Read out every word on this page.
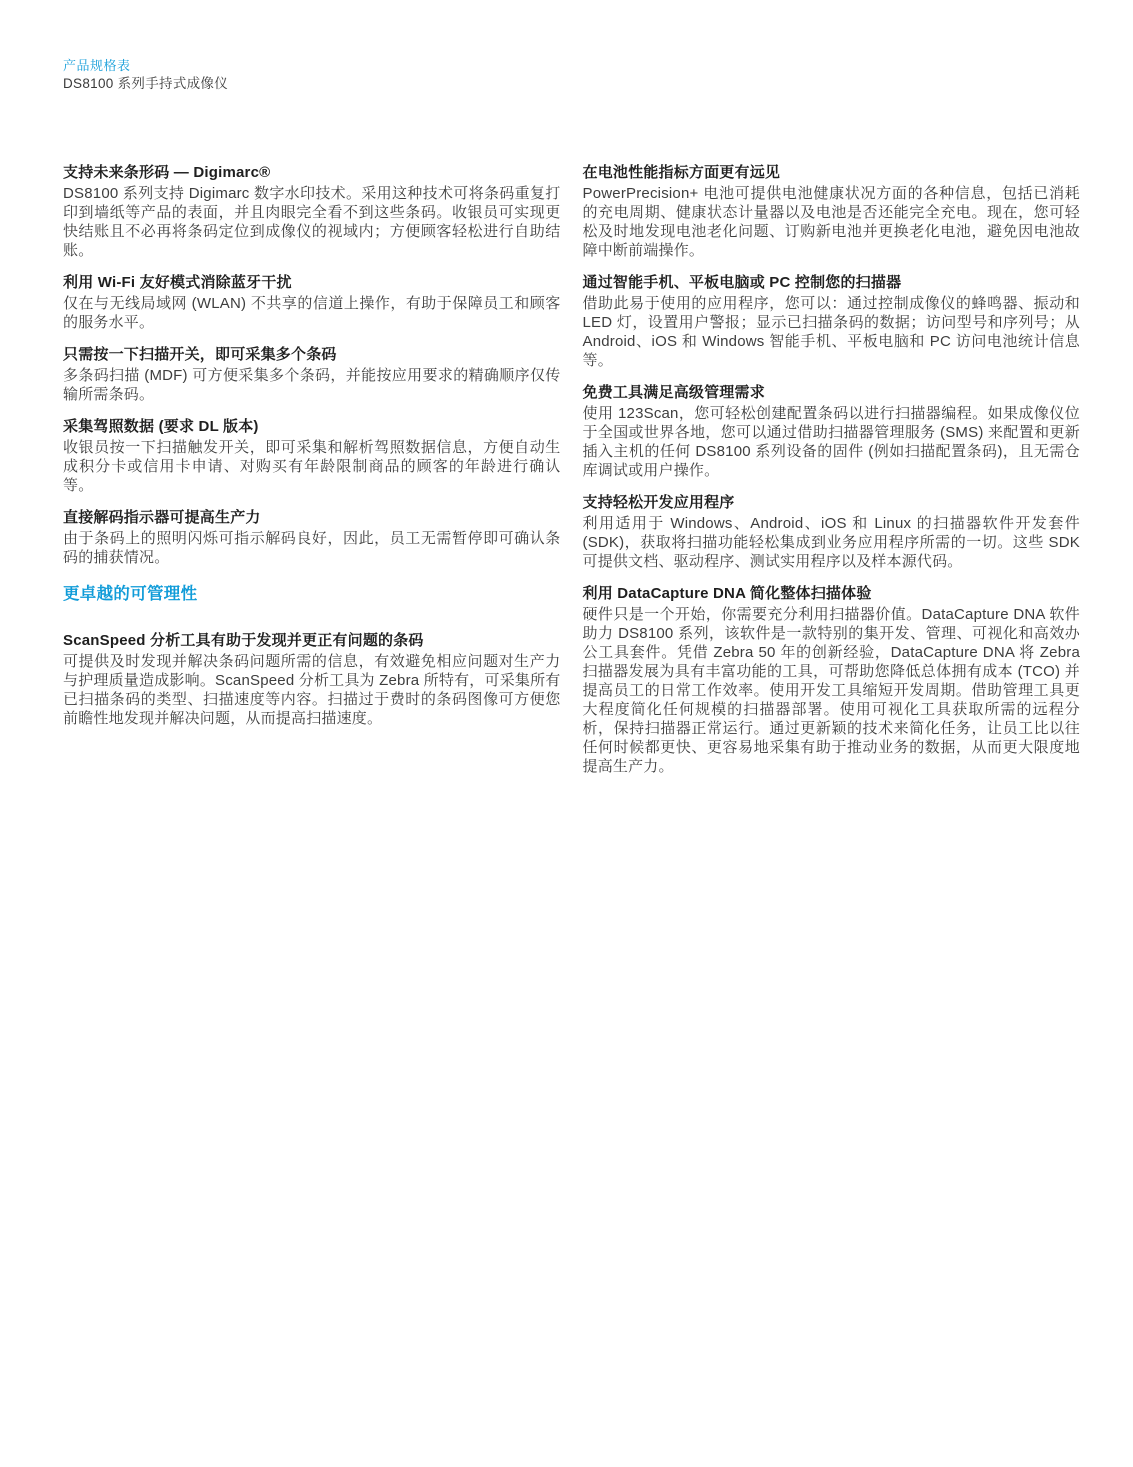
产品规格表
DS8100 系列手持式成像仪
支持未来条形码 — Digimarc®

DS8100 系列支持 Digimarc 数字水印技术。采用这种技术可将条码重复打印到墙纸等产品的表面，并且肉眼完全看不到这些条码。收银员可实现更快结账且不必再将条码定位到成像仪的视域内；方便顾客轻松进行自助结账。

利用 Wi-Fi 友好模式消除蓝牙干扰

仅在与无线局域网 (WLAN) 不共享的信道上操作，有助于保障员工和顾客的服务水平。

只需按一下扫描开关，即可采集多个条码

多条码扫描 (MDF) 可方便采集多个条码，并能按应用要求的精确顺序仅传输所需条码。

采集驾照数据 (要求 DL 版本)

收银员按一下扫描触发开关，即可采集和解析驾照数据信息，方便自动生成积分卡或信用卡申请、对购买有年龄限制商品的顾客的年龄进行确认等。

直接解码指示器可提高生产力

由于条码上的照明闪烁可指示解码良好，因此，员工无需暂停即可确认条码的捕获情况。

更卓越的可管理性
ScanSpeed 分析工具有助于发现并更正有问题的条码

可提供及时发现并解决条码问题所需的信息，有效避免相应问题对生产力与护理质量造成影响。ScanSpeed 分析工具为 Zebra 所特有，可采集所有已扫描条码的类型、扫描速度等内容。扫描过于费时的条码图像可方便您前瞻性地发现并解决问题，从而提高扫描速度。

在电池性能指标方面更有远见

PowerPrecision+ 电池可提供电池健康状况方面的各种信息，包括已消耗的充电周期、健康状态计量器以及电池是否还能完全充电。现在，您可轻松及时地发现电池老化问题、订购新电池并更换老化电池，避免因电池故障中断前端操作。

通过智能手机、平板电脑或 PC 控制您的扫描器

借助此易于使用的应用程序，您可以：通过控制成像仪的蜂鸣器、振动和 LED 灯，设置用户警报；显示已扫描条码的数据；访问型号和序列号；从 Android、iOS 和 Windows 智能手机、平板电脑和 PC 访问电池统计信息等。

免费工具满足高级管理需求

使用 123Scan，您可轻松创建配置条码以进行扫描器编程。如果成像仪位于全国或世界各地，您可以通过借助扫描器管理服务 (SMS) 来配置和更新插入主机的任何 DS8100 系列设备的固件 (例如扫描配置条码)，且无需仓库调试或用户操作。

支持轻松开发应用程序

利用适用于 Windows、Android、iOS 和 Linux 的扫描器软件开发套件 (SDK)，获取将扫描功能轻松集成到业务应用程序所需的一切。这些 SDK 可提供文档、驱动程序、测试实用程序以及样本源代码。

利用 DataCapture DNA 简化整体扫描体验

硬件只是一个开始，你需要充分利用扫描器价值。DataCapture DNA 软件助力 DS8100 系列，该软件是一款特别的集开发、管理、可视化和高效办公工具套件。凭借 Zebra 50 年的创新经验，DataCapture DNA 将 Zebra 扫描器发展为具有丰富功能的工具，可帮助您降低总体拥有成本 (TCO) 并提高员工的日常工作效率。使用开发工具缩短开发周期。借助管理工具更大程度简化任何规模的扫描器部署。使用可视化工具获取所需的远程分析，保持扫描器正常运行。通过更新颖的技术来简化任务，让员工比以往任何时候都更快、更容易地采集有助于推动业务的数据，从而更大限度地提高生产力。
